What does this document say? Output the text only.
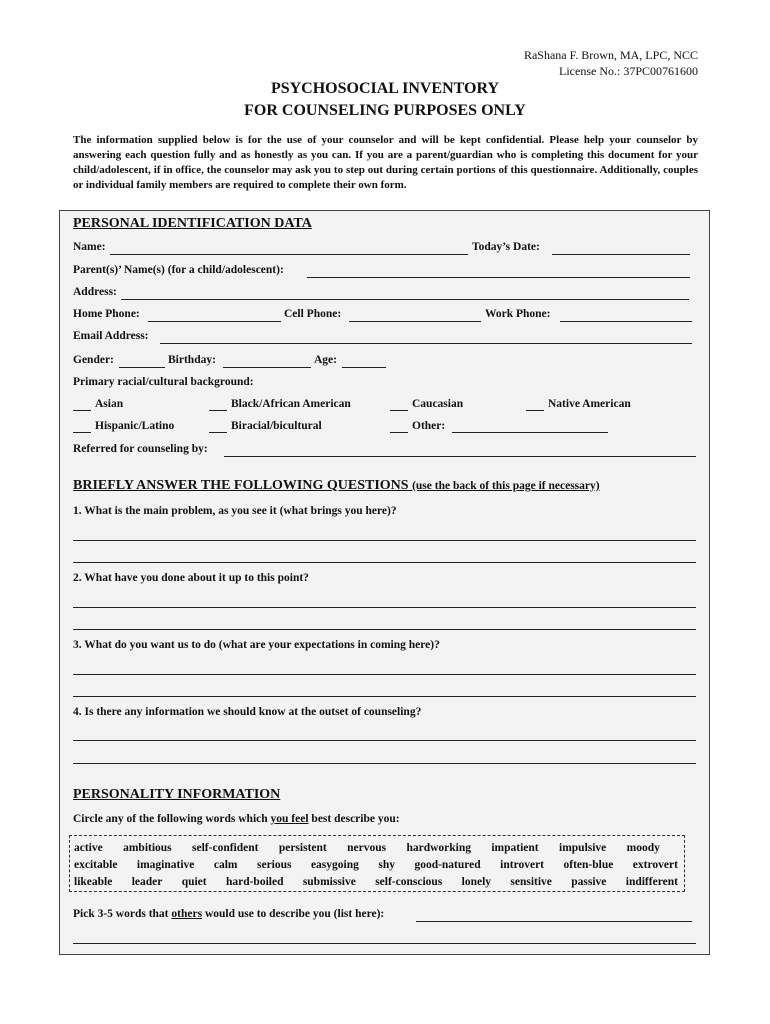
RaShana F. Brown, MA, LPC, NCC
License No.: 37PC00761600
PSYCHOSOCIAL INVENTORY
FOR COUNSELING PURPOSES ONLY
The information supplied below is for the use of your counselor and will be kept confidential. Please help your counselor by answering each question fully and as honestly as you can. If you are a parent/guardian who is completing this document for your child/adolescent, if in office, the counselor may ask you to step out during certain portions of this questionnaire. Additionally, couples or individual family members are required to complete their own form.
PERSONAL IDENTIFICATION DATA
Name:	Today’s Date:
Parent(s)’ Name(s) (for a child/adolescent):
Address:
Home Phone:	Cell Phone:	Work Phone:
Email Address:
Gender:	Birthday:	Age:
Primary racial/cultural background:
Asian	Black/African American	Caucasian	Native American
Hispanic/Latino	Biracial/bicultural	Other:
Referred for counseling by:
BRIEFLY ANSWER THE FOLLOWING QUESTIONS (use the back of this page if necessary)
1. What is the main problem, as you see it (what brings you here)?
2. What have you done about it up to this point?
3. What do you want us to do (what are your expectations in coming here)?
4. Is there any information we should know at the outset of counseling?
PERSONALITY INFORMATION
Circle any of the following words which you feel best describe you:
active ambitious self-confident persistent nervous hardworking impatient impulsive moody
excitable imaginative calm serious easygoing shy good-natured introvert often-blue extrovert
likeable leader quiet hard-boiled submissive self-conscious lonely sensitive passive indifferent
Pick 3-5 words that others would use to describe you (list here):
